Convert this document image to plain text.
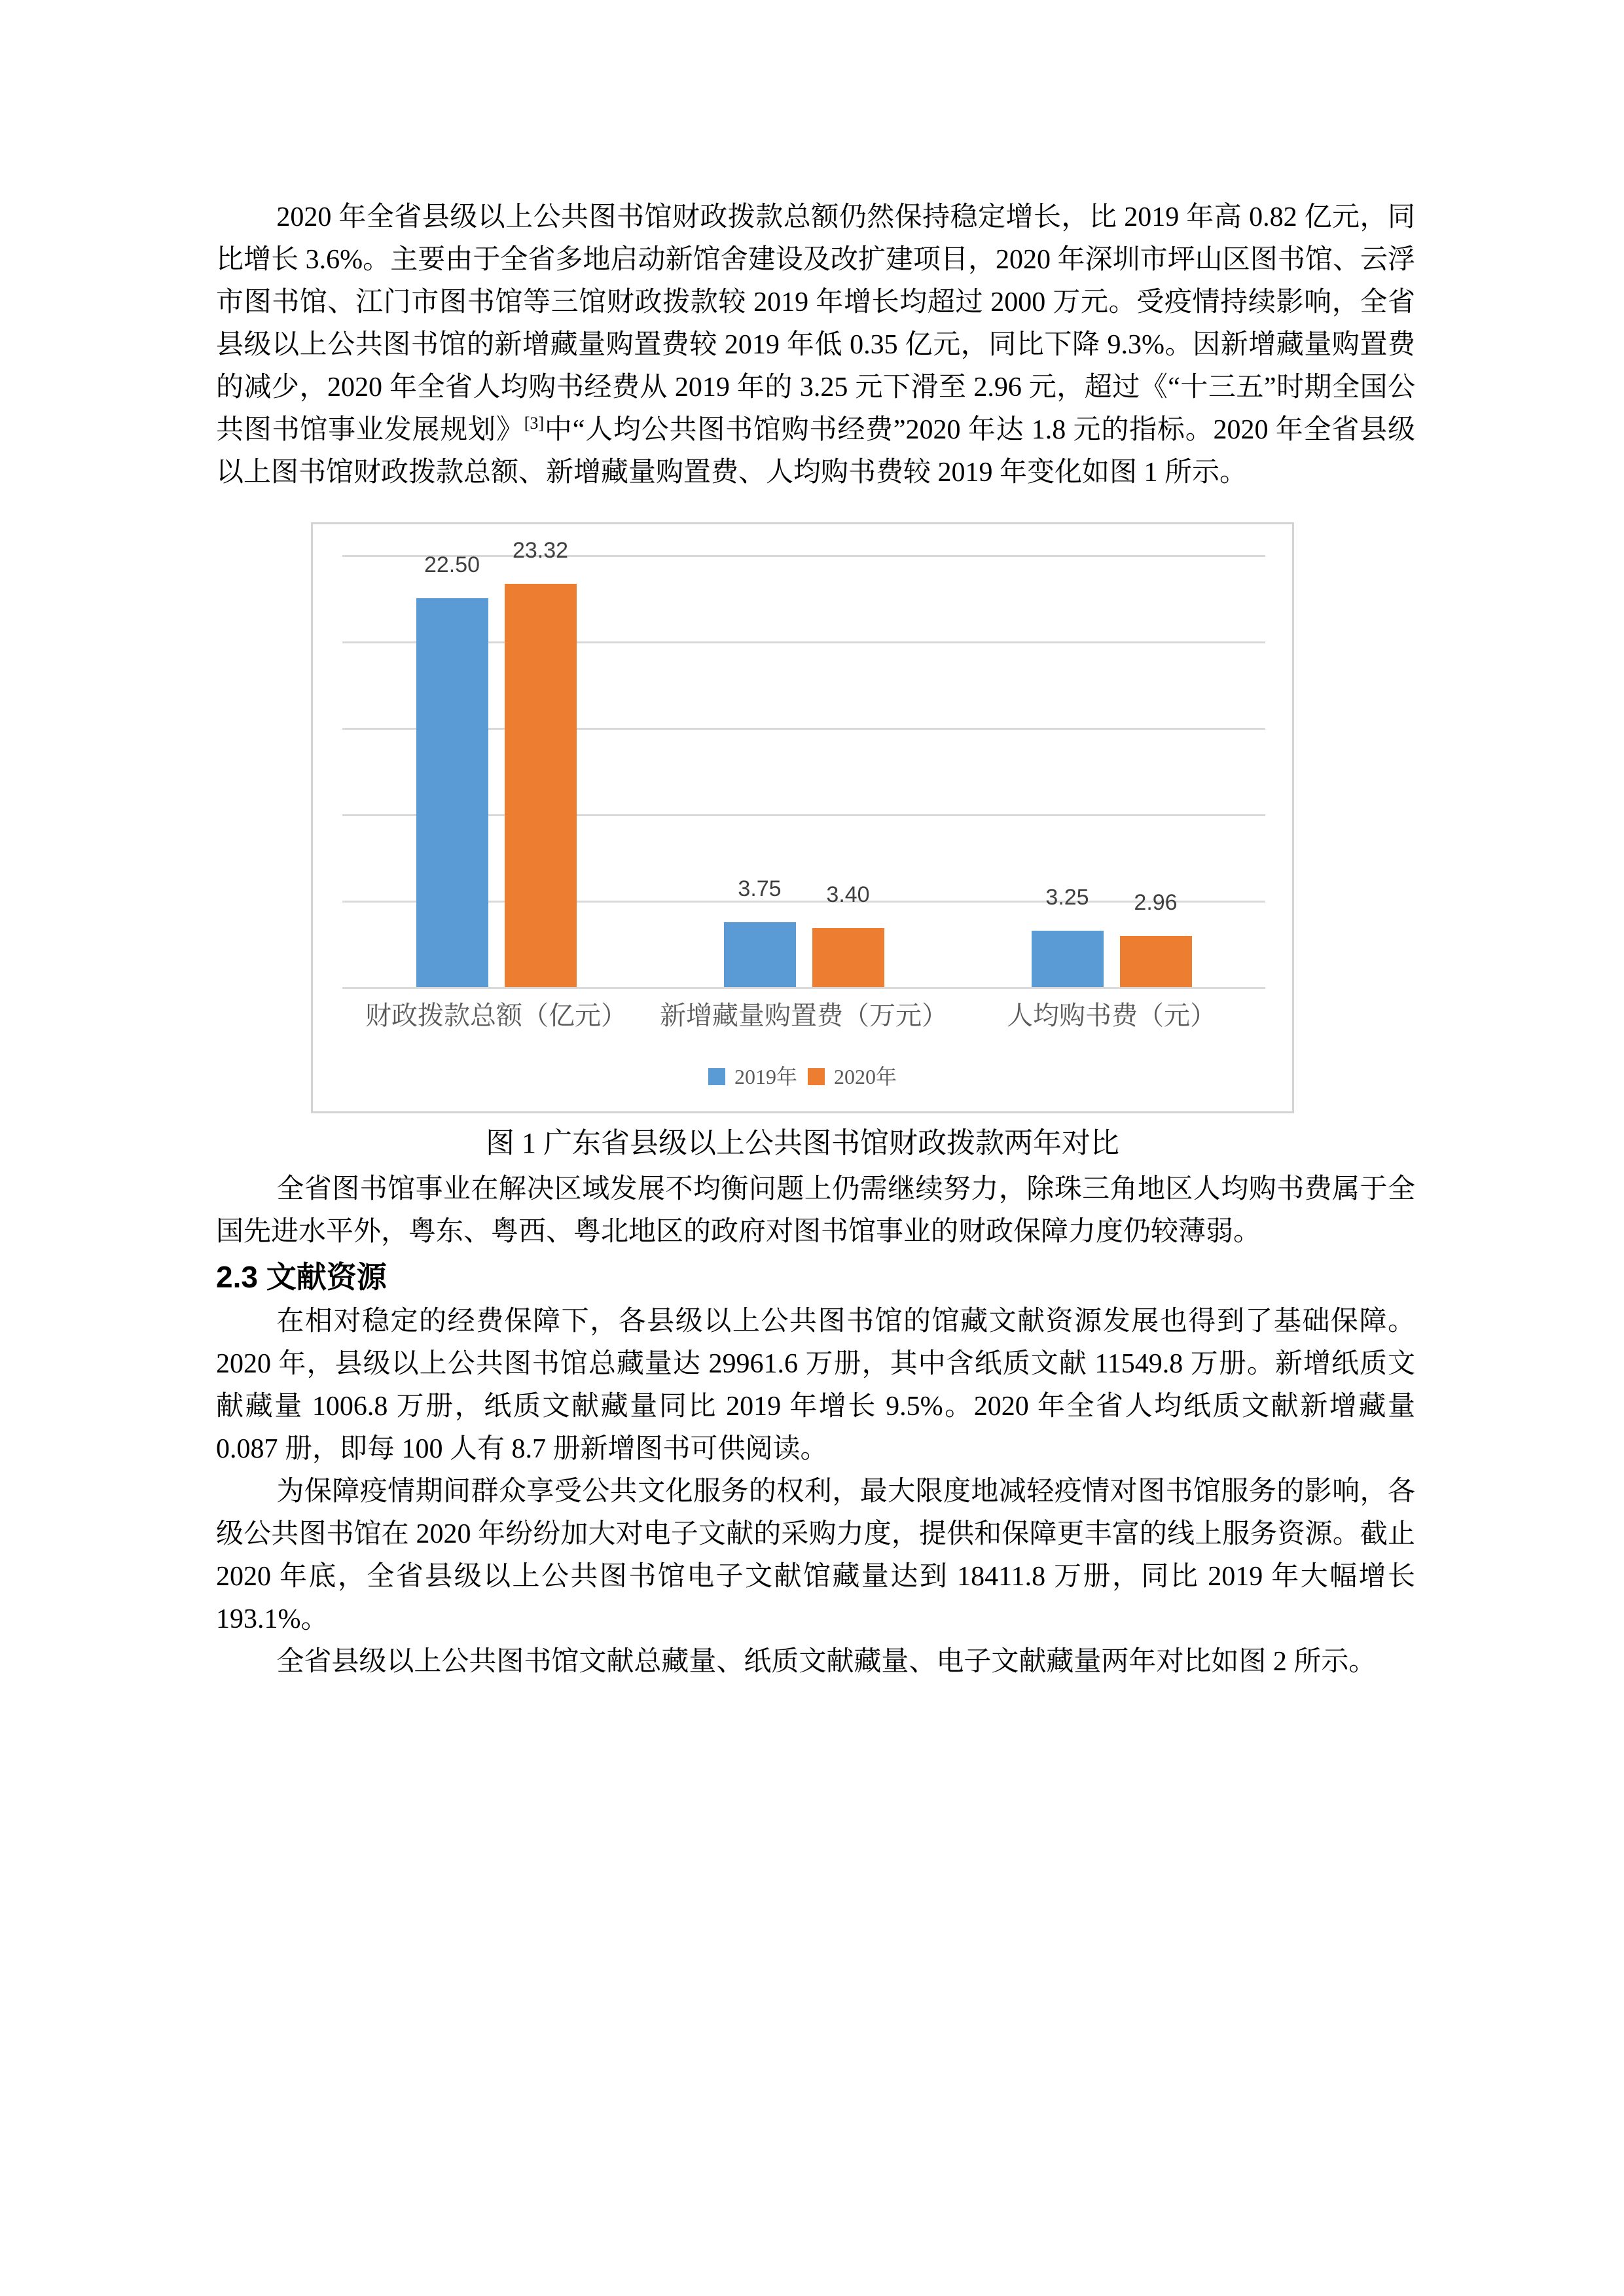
2020 年全省县级以上公共图书馆财政拨款总额仍然保持稳定增长，比 2019 年高 0.82 亿元，同比增长 3.6%。主要由于全省多地启动新馆舍建设及改扩建项目，2020 年深圳市坪山区图书馆、云浮市图书馆、江门市图书馆等三馆财政拨款较 2019 年增长均超过 2000 万元。受疫情持续影响，全省县级以上公共图书馆的新增藏量购置费较 2019 年低 0.35 亿元，同比下降 9.3%。因新增藏量购置费的减少，2020 年全省人均购书经费从 2019 年的 3.25 元下滑至 2.96 元，超过《“十三五”时期全国公共图书馆事业发展规划》[3]中“人均公共图书馆购书经费”2020 年达 1.8 元的指标。2020 年全省县级以上图书馆财政拨款总额、新增藏量购置费、人均购书费较 2019 年变化如图 1 所示。

22.50
23.32
财政拨款总额（亿元）
3.75 3.40
新增藏量购置费（万元）
3.25 2.96
人均购书费（元）
2019年 2020年
图 1 广东省县级以上公共图书馆财政拨款两年对比

全省图书馆事业在解决区域发展不均衡问题上仍需继续努力，除珠三角地区人均购书费属于全国先进水平外，粤东、粤西、粤北地区的政府对图书馆事业的财政保障力度仍较薄弱。

2.3 文献资源

在相对稳定的经费保障下，各县级以上公共图书馆的馆藏文献资源发展也得到了基础保障。2020 年，县级以上公共图书馆总藏量达 29961.6 万册，其中含纸质文献 11549.8 万册。新增纸质文献藏量 1006.8 万册，纸质文献藏量同比 2019 年增长 9.5%。2020 年全省人均纸质文献新增藏量 0.087 册，即每 100 人有 8.7 册新增图书可供阅读。

为保障疫情期间群众享受公共文化服务的权利，最大限度地减轻疫情对图书馆服务的影响，各级公共图书馆在 2020 年纷纷加大对电子文献的采购力度，提供和保障更丰富的线上服务资源。截止 2020 年底，全省县级以上公共图书馆电子文献馆藏量达到 18411.8 万册，同比 2019 年大幅增长 193.1%。

全省县级以上公共图书馆文献总藏量、纸质文献藏量、电子文献藏量两年对比如图 2 所示。
